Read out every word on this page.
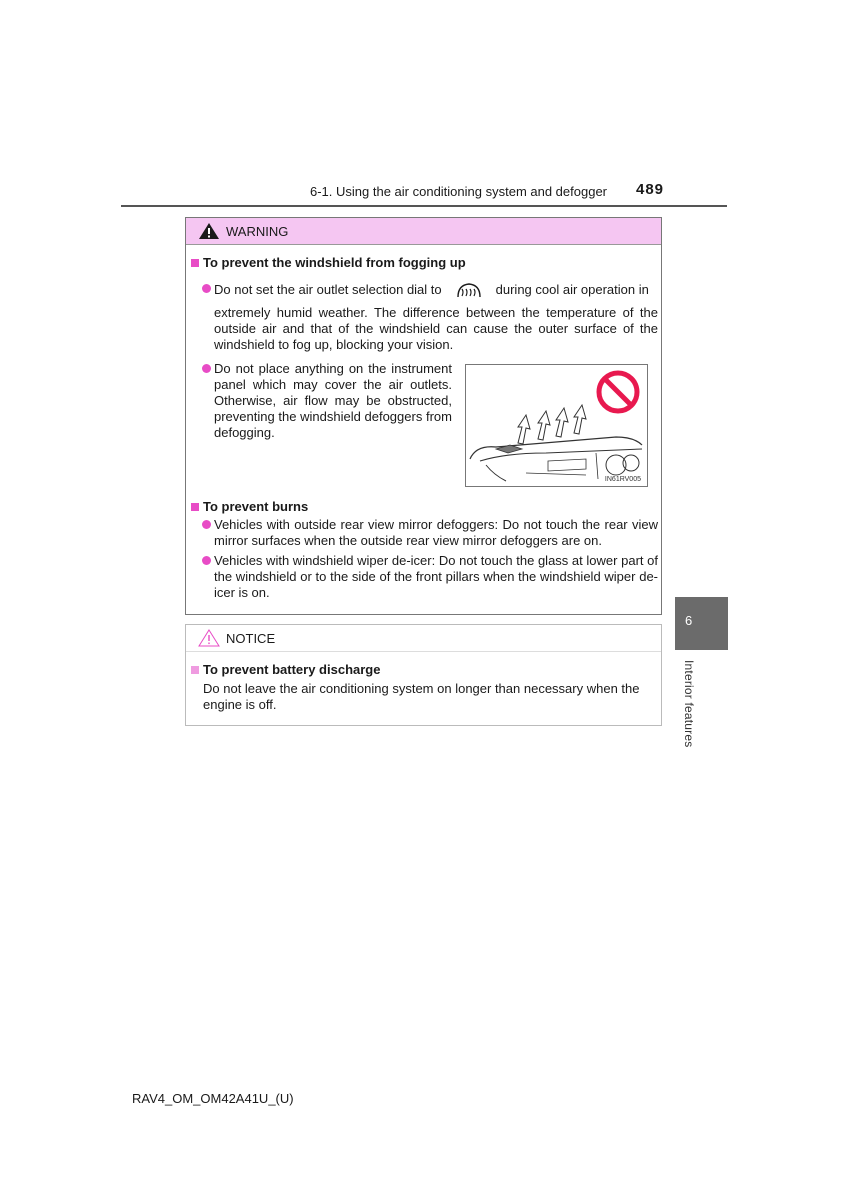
6-1. Using the air conditioning system and defogger 489
WARNING
To prevent the windshield from fogging up
Do not set the air outlet selection dial to	during cool air operation in
extremely humid weather. The difference between the temperature of the outside air and that of the windshield can cause the outer surface of the windshield to fog up, blocking your vision.
Do not place anything on the instrument panel which may cover the air outlets. Otherwise, air flow may be obstructed, preventing the windshield defoggers from defogging.
IN61RV005
To prevent burns
Vehicles with outside rear view mirror defoggers: Do not touch the rear view mirror surfaces when the outside rear view mirror defoggers are on.
Vehicles with windshield wiper de-icer: Do not touch the glass at lower part of the windshield or to the side of the front pillars when the windshield wiper de-icer is on.
NOTICE
To prevent battery discharge
Do not leave the air conditioning system on longer than necessary when the engine is off.
6
Interior features
RAV4_OM_OM42A41U_(U)
